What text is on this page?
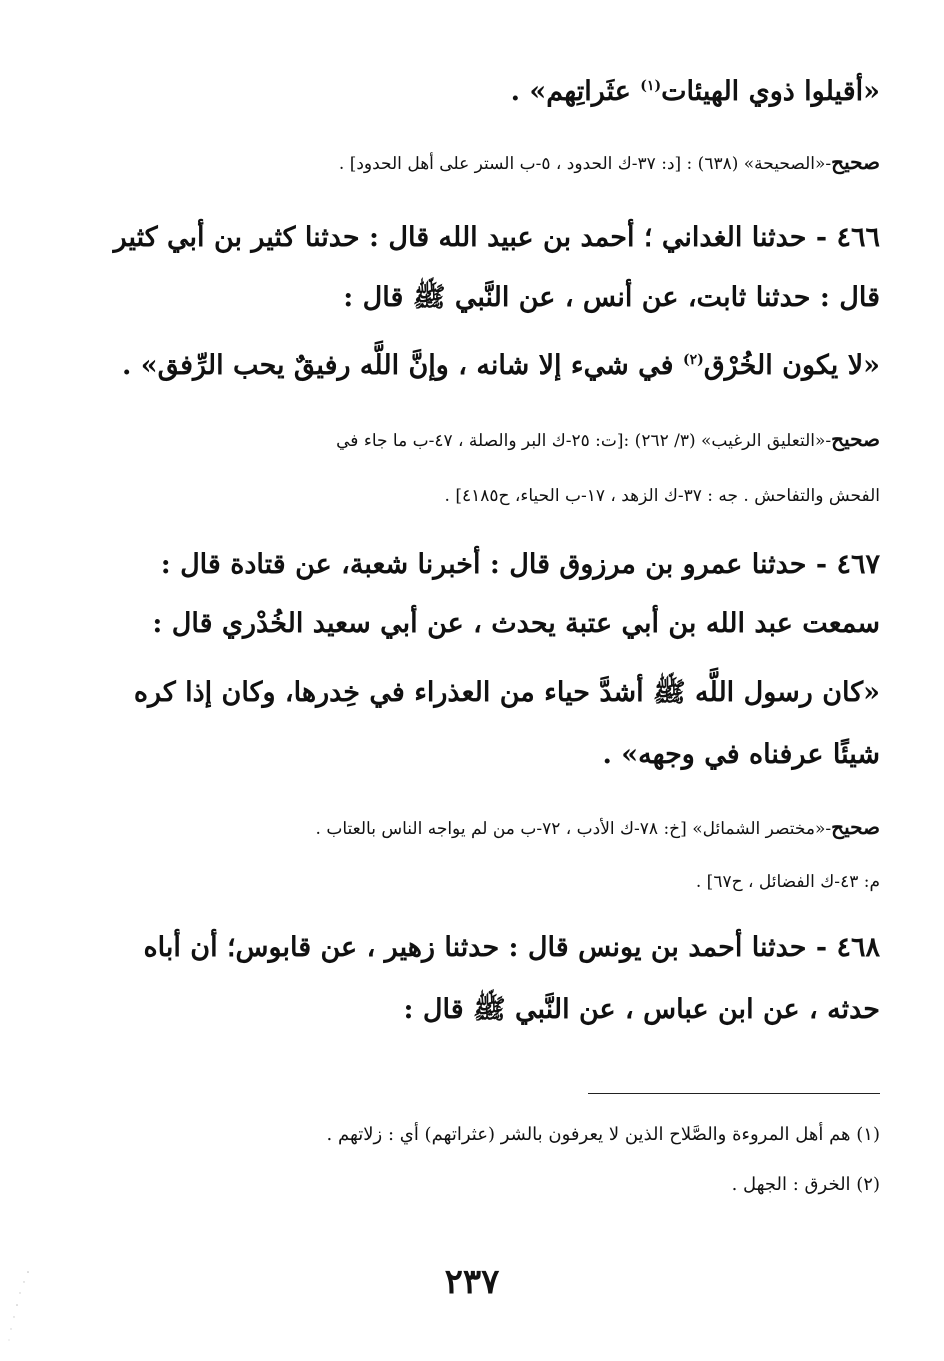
«أقيلوا ذوي الهيئات$^{(١)}$ عثَراتِهم» .
صحيح-«الصحيحة» (٦٣٨) : [د: ٣٧-ك الحدود ، ٥-ب الستر على أهل الحدود] .
٤٦٦ - حدثنا الغداني ؛ أحمد بن عبيد الله قال : حدثنا كثير بن أبي كثير
قال : حدثنا ثابت، عن أنس ، عن النَّبي ﷺ قال :
«لا يكون الخُرْق$^{(٢)}$ في شيء إلا شانه ، وإنَّ اللَّه رفيقٌ يحب الرِّفق» .
صحيح-«التعليق الرغيب» (٣/ ٢٦٢) :[ت: ٢٥-ك البر والصلة ، ٤٧-ب ما جاء في
الفحش والتفاحش . جه : ٣٧-ك الزهد ، ١٧-ب الحياء، ح٤١٨٥] .
٤٦٧ - حدثنا عمرو بن مرزوق قال : أخبرنا شعبة، عن قتادة قال :
سمعت عبد الله بن أبي عتبة يحدث ، عن أبي سعيد الخُدْري قال :
«كان رسول اللَّه ﷺ أشدَّ حياء من العذراء في خِدرها، وكان إذا كره
شيئًا عرفناه في وجهه» .
صحيح-«مختصر الشمائل» [خ: ٧٨-ك الأدب ، ٧٢-ب من لم يواجه الناس بالعتاب .
م: ٤٣-ك الفضائل ، ح٦٧] .
٤٦٨ - حدثنا أحمد بن يونس قال : حدثنا زهير ، عن قابوس؛ أن أباه
حدثه ، عن ابن عباس ، عن النَّبي ﷺ قال :
(١) هم أهل المروءة والصَّلاح الذين لا يعرفون بالشر (عثراتهم) أي : زلاتهم .
(٢) الخرق : الجهل .
٢٣٧
